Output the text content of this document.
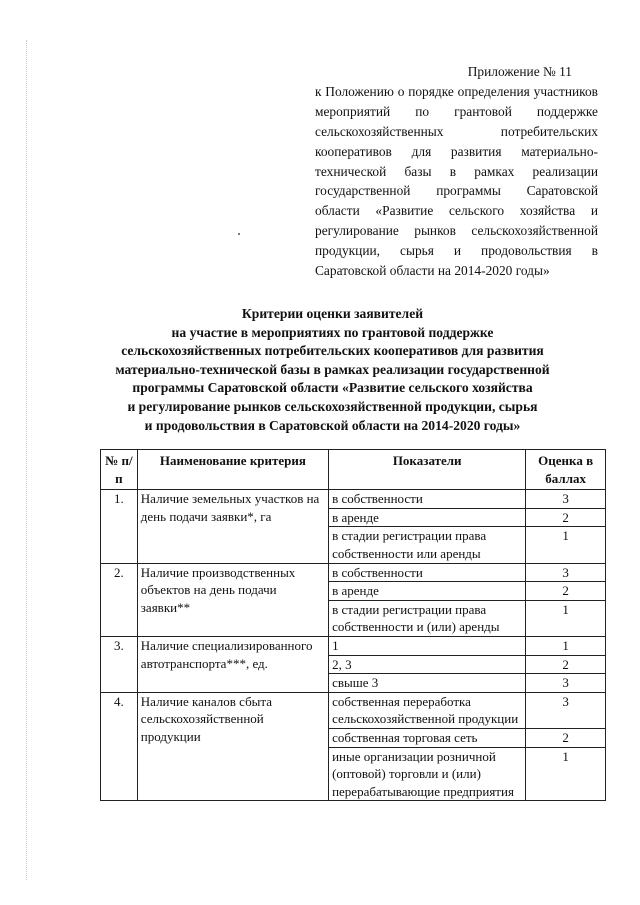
Приложение № 11
к Положению о порядке определения участников мероприятий по грантовой поддержке сельскохозяйственных потребительских кооперативов для развития материально-технической базы в рамках реализации государственной программы Саратовской области «Развитие сельского хозяйства и регулирование рынков сельскохозяйственной продукции, сырья и продовольствия в Саратовской области на 2014-2020 годы»
Критерии оценки заявителей
на участие в мероприятиях по грантовой поддержке
сельскохозяйственных потребительских кооперативов для развития
материально-технической базы в рамках реализации государственной
программы Саратовской области «Развитие сельского хозяйства
и регулирование рынков сельскохозяйственной продукции, сырья
и продовольствия в Саратовской области на 2014-2020 годы»
№ п/п	Наименование критерия	Показатели	Оценка в баллах
1.	Наличие земельных участков на день подачи заявки*, га	в собственности	3
		в аренде	2
		в стадии регистрации права собственности или аренды	1
2.	Наличие производственных объектов на день подачи заявки**	в собственности	3
		в аренде	2
		в стадии регистрации права собственности и (или) аренды	1
3.	Наличие специализированного автотранспорта***, ед.	1	1
		2, 3	2
		свыше 3	3
4.	Наличие каналов сбыта сельскохозяйственной продукции	собственная переработка сельскохозяйственной продукции	3
		собственная торговая сеть	2
		иные организации розничной (оптовой) торговли и (или) перерабатывающие предприятия	1
